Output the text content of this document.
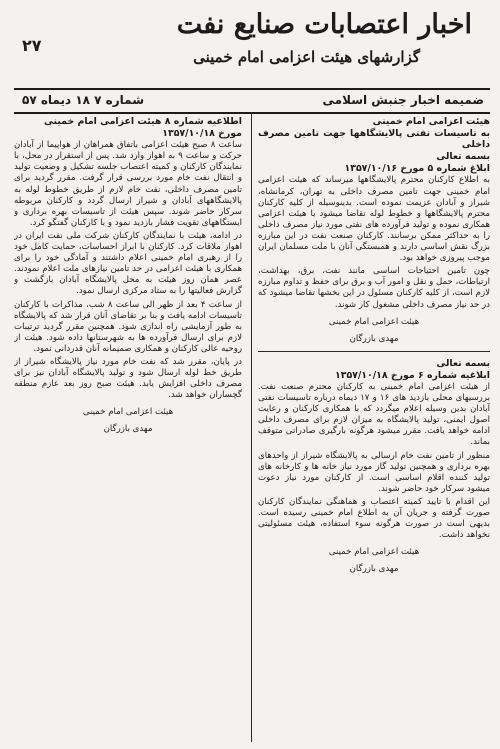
اخبار اعتصابات صنایع نفت
۲۷
گزارشهای هیئت اعزامی امام خمینی
ضمیمه اخبار جنبش اسلامی
شماره ۷ ۱۸ دیماه ۵۷

هیئت اعزامی امام خمینی

به تاسیسات نفتی پالایشگاهها جهت تامین مصرف داخلی

بسمه تعالی

ابلاغ شماره ۵ مورخ ۱۳۵۷/۱۰/۱۶

به اطلاع کارکنان محترم پالایشگاهها میرساند که هیئت اعزامی امام خمینی جهت تامین مصرف داخلی به تهران، کرمانشاه، شیراز و آبادان عزیمت نموده است. بدینوسیله از کلیه کارکنان محترم پالایشگاهها و خطوط لوله تقاضا میشود با هیئت اعزامی همکاری نموده و تولید فرآورده های نفتی مورد نیاز مصرف داخلی را به حداکثر ممکن برسانند. کارکنان صنعت نفت در این مبارزه بزرگ نقش اساسی دارند و همبستگی آنان با ملت مسلمان ایران موجب پیروزی خواهد بود.

چون تامین احتیاجات اساسی مانند نفت، برق، بهداشت، ارتباطات، حمل و نقل و امور آب و برق برای حفظ و تداوم مبارزه لازم است، از کلیه کارکنان مسئول در این بخشها تقاضا میشود که در حد نیاز مصرف داخلی مشغول کار شوند.

هیئت اعزامی امام خمینی

مهدی بازرگان

بسمه تعالی

ابلاغیه شماره ۶ مورخ ۱۳۵۷/۱۰/۱۸

از هیئت اعزامی امام خمینی به کارکنان محترم صنعت نفت. بررسیهای محلی بازدید های ۱۶ و ۱۷ دیماه درباره تاسیسات نفتی آبادان بدین وسیله اعلام میگردد که با همکاری کارکنان و رعایت اصول ایمنی، تولید پالایشگاه به میزان لازم برای مصرف داخلی ادامه خواهد یافت. مقرر میشود هرگونه بارگیری صادراتی متوقف بماند.

منظور از تامین نفت خام ارسالی به پالایشگاه شیراز از واحدهای بهره برداری و همچنین تولید گاز مورد نیاز خانه ها و کارخانه های تولید کننده اقلام اساسی است. از کارکنان مورد نیاز دعوت میشود سرکار خود حاضر شوند.

این اقدام با تایید کمیته اعتصاب و هماهنگی نمایندگان کارکنان صورت گرفته و جریان آن به اطلاع امام خمینی رسیده است. بدیهی است در صورت هرگونه سوء استفاده، هیئت مسئولیتی نخواهد داشت.

هیئت اعزامی امام خمینی

مهدی بازرگان

اطلاعیه شماره ۸ هیئت اعزامی امام خمینی

مورخ ۱۳۵۷/۱۰/۱۸

ساعت ۸ صبح هیئت اعزامی باتفاق همراهان از هواپیما از آبادان حرکت و ساعت ۹ به اهواز وارد شد. پس از استقرار در محل، با نمایندگان کارکنان و کمیته اعتصاب جلسه تشکیل و وضعیت تولید و انتقال نفت خام مورد بررسی قرار گرفت. مقرر گردید برای تامین مصرف داخلی، نفت خام لازم از طریق خطوط لوله به پالایشگاههای آبادان و شیراز ارسال گردد و کارکنان مربوطه سرکار حاضر شوند. سپس هیئت از تاسیسات بهره برداری و ایستگاههای تقویت فشار بازدید نمود و با کارکنان گفتگو کرد.

در ادامه، هیئت با نمایندگان کارکنان شرکت ملی نفت ایران در اهواز ملاقات کرد. کارکنان با ابراز احساسات، حمایت کامل خود را از رهبری امام خمینی اعلام داشتند و آمادگی خود را برای همکاری با هیئت اعزامی در حد تامین نیازهای ملت اعلام نمودند. عصر همان روز هیئت به محل پالایشگاه آبادان بازگشت و گزارش فعالیتها را به ستاد مرکزی ارسال نمود.

از ساعت ۴ بعد از ظهر الی ساعت ۸ شب، مذاکرات با کارکنان تاسیسات ادامه یافت و بنا بر تقاضای آنان قرار شد که پالایشگاه به طور آزمایشی راه اندازی شود. همچنین مقرر گردید ترتیبات لازم برای ارسال فرآورده ها به شهرستانها داده شود. هیئت از روحیه عالی کارکنان و همکاری صمیمانه آنان قدردانی نمود.

در پایان، مقرر شد که نفت خام مورد نیاز پالایشگاه شیراز از طریق خط لوله ارسال شود و تولید پالایشگاه آبادان نیز برای مصرف داخلی افزایش یابد. هیئت صبح روز بعد عازم منطقه گچساران خواهد شد.

هیئت اعزامی امام خمینی

مهدی بازرگان
